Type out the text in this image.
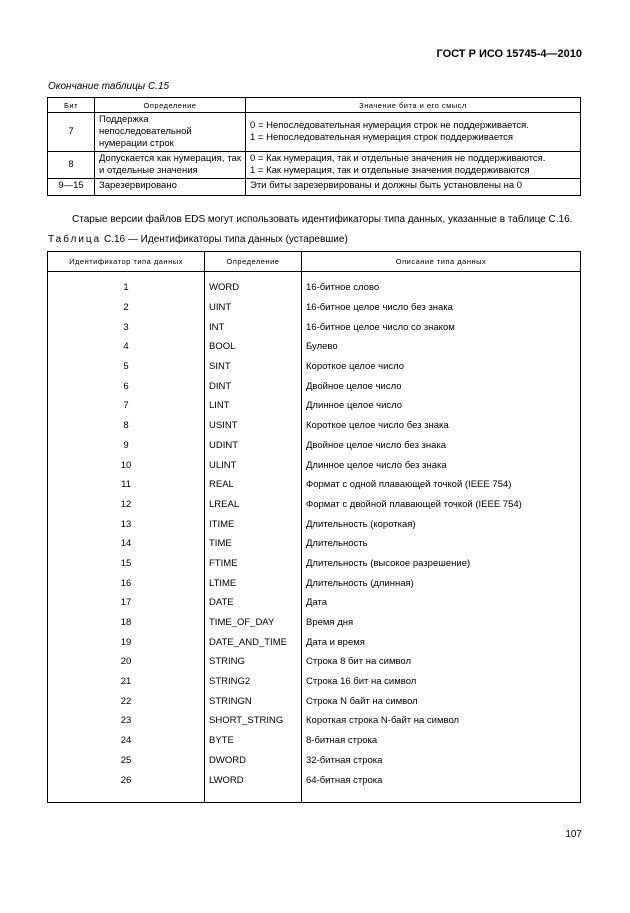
ГОСТ Р ИСО 15745-4—2010
Окончание таблицы С.15
Бит	Определение	Значение бита и его смысл
7	Поддержка непоследовательной нумерации строк	0 = Непоследовательная нумерация строк не поддерживается.
1 = Непоследовательная нумерация строк поддерживается

8	Допускается как нумерация, так и отдельные значения	0 = Как нумерация, так и отдельные значения не поддерживаются.
1 = Как нумерация, так и отдельные значения поддерживаются

9—15	Зарезервировано	Эти биты зарезервированы и должны быть установлены на 0
Старые версии файлов EDS могут использовать идентификаторы типа данных, указанные в таблице С.16.
Таблица С.16 — Идентификаторы типа данных (устаревшие)
Идентификатор типа данных	Определение	Описание типа данных

1	WORD	16-битное слово
2	UINT	16-битное целое число без знака
3	INT	16-битное целое число со знаком
4	BOOL	Булево
5	SINT	Короткое целое число
6	DINT	Двойное целое число
7	LINT	Длинное целое число
8	USINT	Короткое целое число без знака
9	UDINT	Двойное целое число без знака
10	ULINT	Длинное целое число без знака
11	REAL	Формат с одной плавающей точкой (IEEE 754)
12	LREAL	Формат с двойной плавающей точкой (IEEE 754)
13	ITIME	Длительность (короткая)
14	TIME	Длительность
15	FTIME	Длительность (высокое разрешение)
16	LTIME	Длительность (длинная)
17	DATE	Дата
18	TIME_OF_DAY	Время дня
19	DATE_AND_TIME	Дата и время
20	STRING	Строка 8 бит на символ
21	STRING2	Строка 16 бит на символ
22	STRINGN	Строка N байт на символ
23	SHORT_STRING	Короткая строка N-байт на символ
24	BYTE	8-битная строка
25	DWORD	32-битная строка
26	LWORD	64-битная строка

107
